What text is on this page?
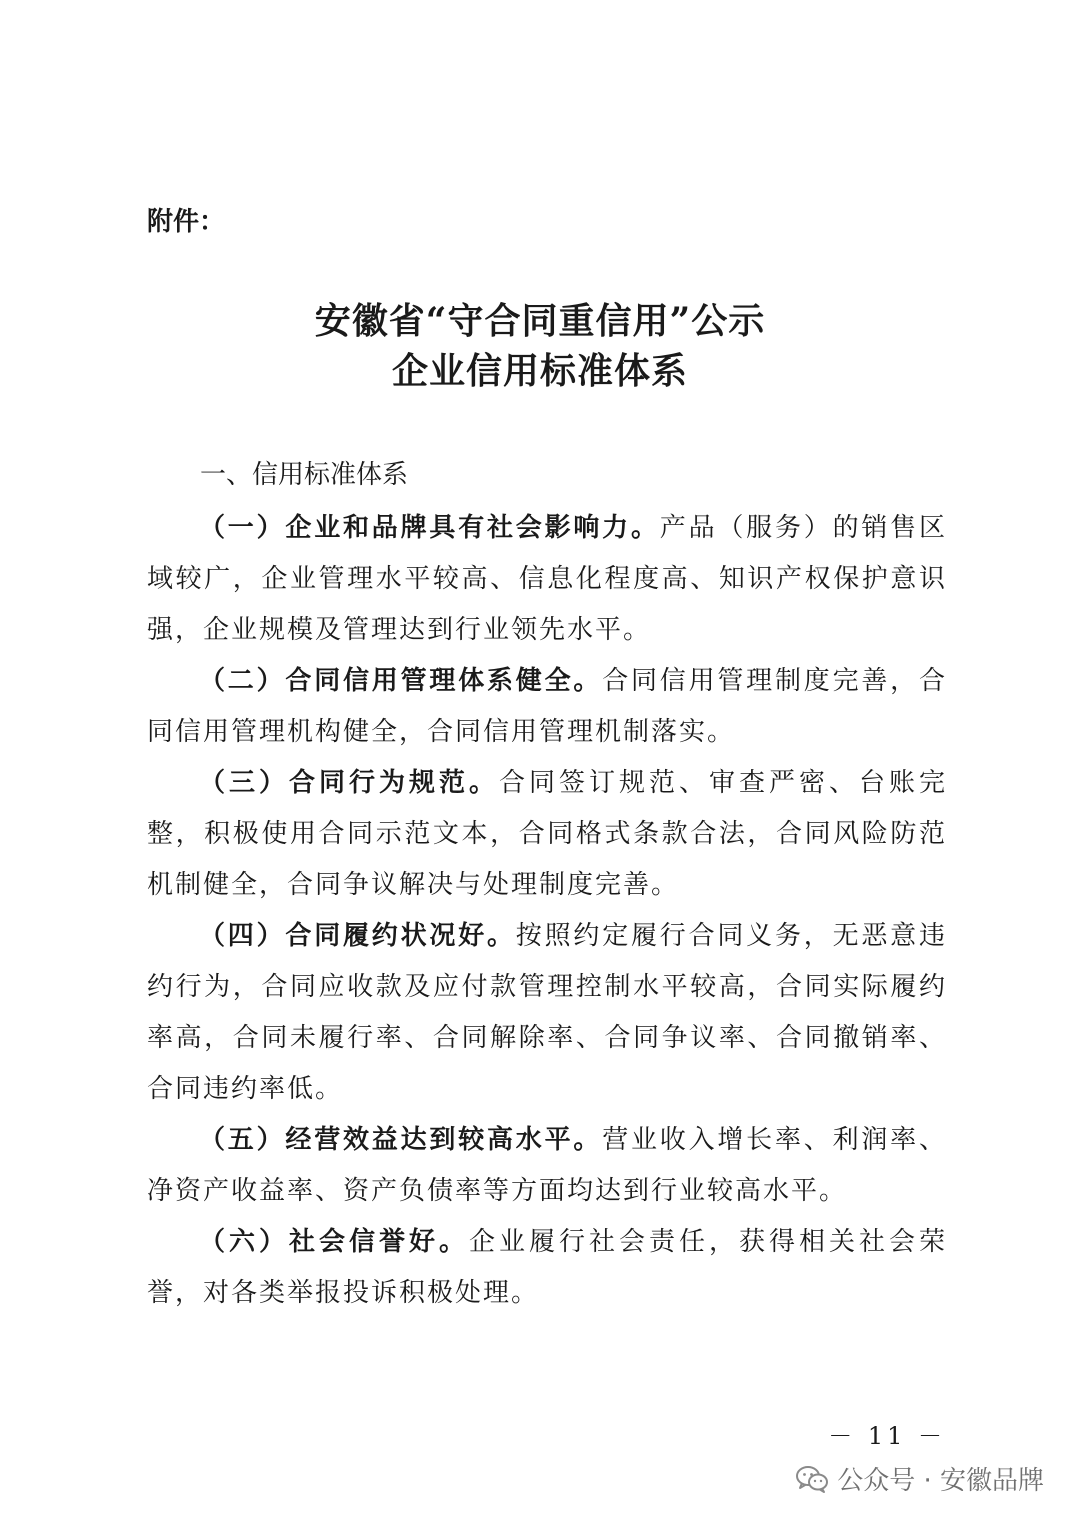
附件：

安徽省“守合同重信用”公示
企业信用标准体系
一、信用标准体系

（一）企业和品牌具有社会影响力。产品（服务）的销售区域较广，企业管理水平较高、信息化程度高、知识产权保护意识强，企业规模及管理达到行业领先水平。

（二）合同信用管理体系健全。合同信用管理制度完善，合同信用管理机构健全，合同信用管理机制落实。

（三）合同行为规范。合同签订规范、审查严密、台账完整，积极使用合同示范文本，合同格式条款合法，合同风险防范机制健全，合同争议解决与处理制度完善。

（四）合同履约状况好。按照约定履行合同义务，无恶意违约行为，合同应收款及应付款管理控制水平较高，合同实际履约率高，合同未履行率、合同解除率、合同争议率、合同撤销率、合同违约率低。

（五）经营效益达到较高水平。营业收入增长率、利润率、净资产收益率、资产负债率等方面均达到行业较高水平。

（六）社会信誉好。企业履行社会责任，获得相关社会荣誉，对各类举报投诉积极处理。

－ 11 －

公众号 · 安徽品牌
